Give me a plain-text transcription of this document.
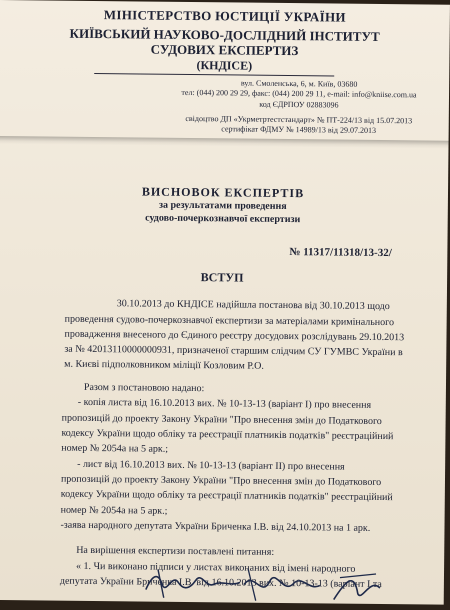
МІНІСТЕРСТВО ЮСТИЦІЇ УКРАЇНИ
КИЇВСЬКИЙ НАУКОВО-ДОСЛІДНИЙ ІНСТИТУТ
СУДОВИХ ЕКСПЕРТИЗ
(КНДІСЕ)
вул. Смоленська, 6, м. Київ, 03680
тел: (044) 200 29 29, факс: (044) 200 29 11, e-mail: info@kniise.com.ua
код ЄДРПОУ 02883096
свідоцтво ДП «Укрметртестстандарт» № ПТ-224/13 від 15.07.2013
сертифікат ФДМУ № 14989/13 від 29.07.2013
ВИСНОВОК ЕКСПЕРТІВ
за результатами проведення
судово-почеркознавчої експертизи
№ 11317/11318/13-32/
ВСТУП
30.10.2013 до КНДІСЕ надійшла постанова від 30.10.2013 щодо
проведення судово-почеркознавчої експертизи за матеріалами кримінального
провадження внесеного до Єдиного реєстру досудових розслідувань 29.10.2013
за № 42013110000000931, призначеної старшим слідчим СУ ГУМВС України в
м. Києві підполковником міліції Козловим Р.О.
Разом з постановою надано:
- копія листа від 16.10.2013 вих. № 10-13-13 (варіант І) про внесення
пропозицій до проекту Закону України "Про внесення змін до Податкового
кодексу України щодо обліку та реєстрації платників податків" реєстраційний
номер № 2054а на 5 арк.;
- лист від 16.10.2013 вих. № 10-13-13 (варіант ІІ) про внесення
пропозицій до проекту Закону України "Про внесення змін до Податкового
кодексу України щодо обліку та реєстрації платників податків" реєстраційний
номер № 2054а на 5 арк.;
-заява народного депутата України Бриченка І.В. від 24.10.2013 на 1 арк.
На вирішення експертизи поставлені питання:
« 1. Чи виконано підписи у листах виконаних від імені народного
депутата України Бриченка І.В. від 16.10.2013 вих. № 10-13-13 (варіант І та
